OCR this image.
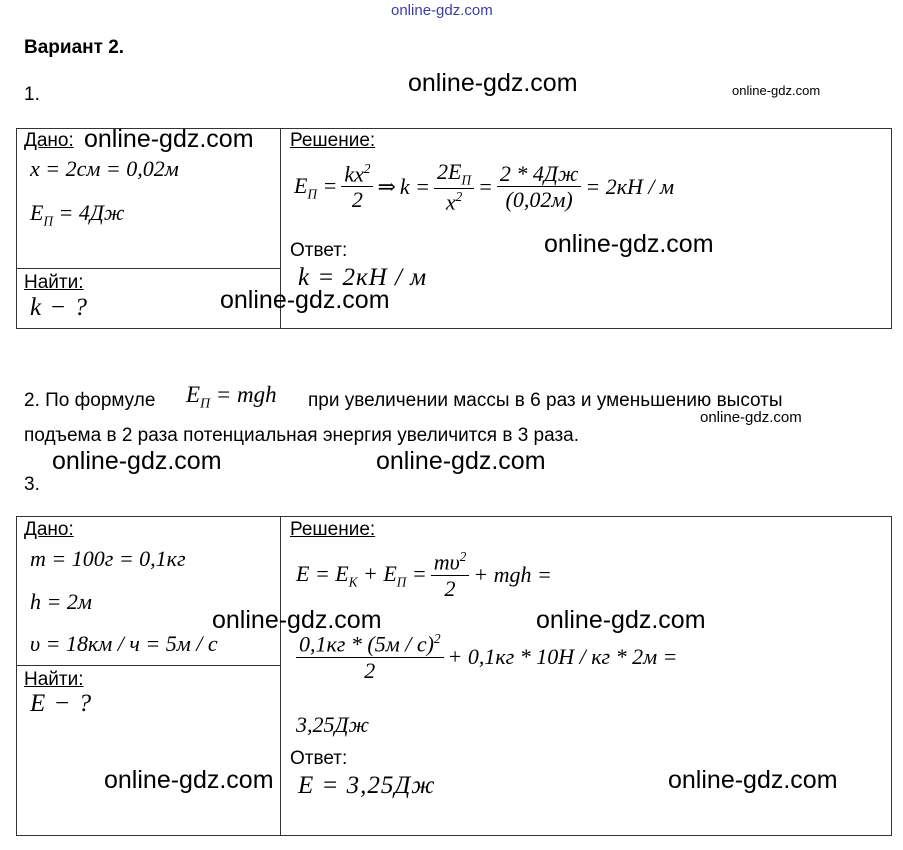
online-gdz.com
Вариант 2.
1.	online-gdz.com	online-gdz.com
Дано: online-gdz.com
x = 2см = 0,02м
$E_П = 4Дж$
Найти:
k − ?	online-gdz.com
Решение:
$E_П = \frac{kx^2}{2}$ ⇒ $k = \frac{2E_П}{x^2} = \frac{2 * 4Дж}{(0,02м)} = 2кН / м$
Ответ:	online-gdz.com
k = 2кН / м
2. По формуле $E_П$ = mgh при увеличении массы в 6 раз и уменьшению высоты
online-gdz.com
подъема в 2 раза потенциальная энергия увеличится в 3 раза.
online-gdz.com	online-gdz.com
3.
Дано:
m = 100г = 0,1кг
h = 2м
υ = 18км / ч = 5м / с
Найти:
E − ?
Решение:
$E = E_К + E_П = \frac{m\upsilon^2}{2}$ + mgh =
online-gdz.com	online-gdz.com
$\frac{0,1кг * (5м / с)^2}{2} + 0,1кг * 10Н$ / кг * 2м =
3,25Дж
Ответ:
E = 3,25Дж
online-gdz.com	online-gdz.com
